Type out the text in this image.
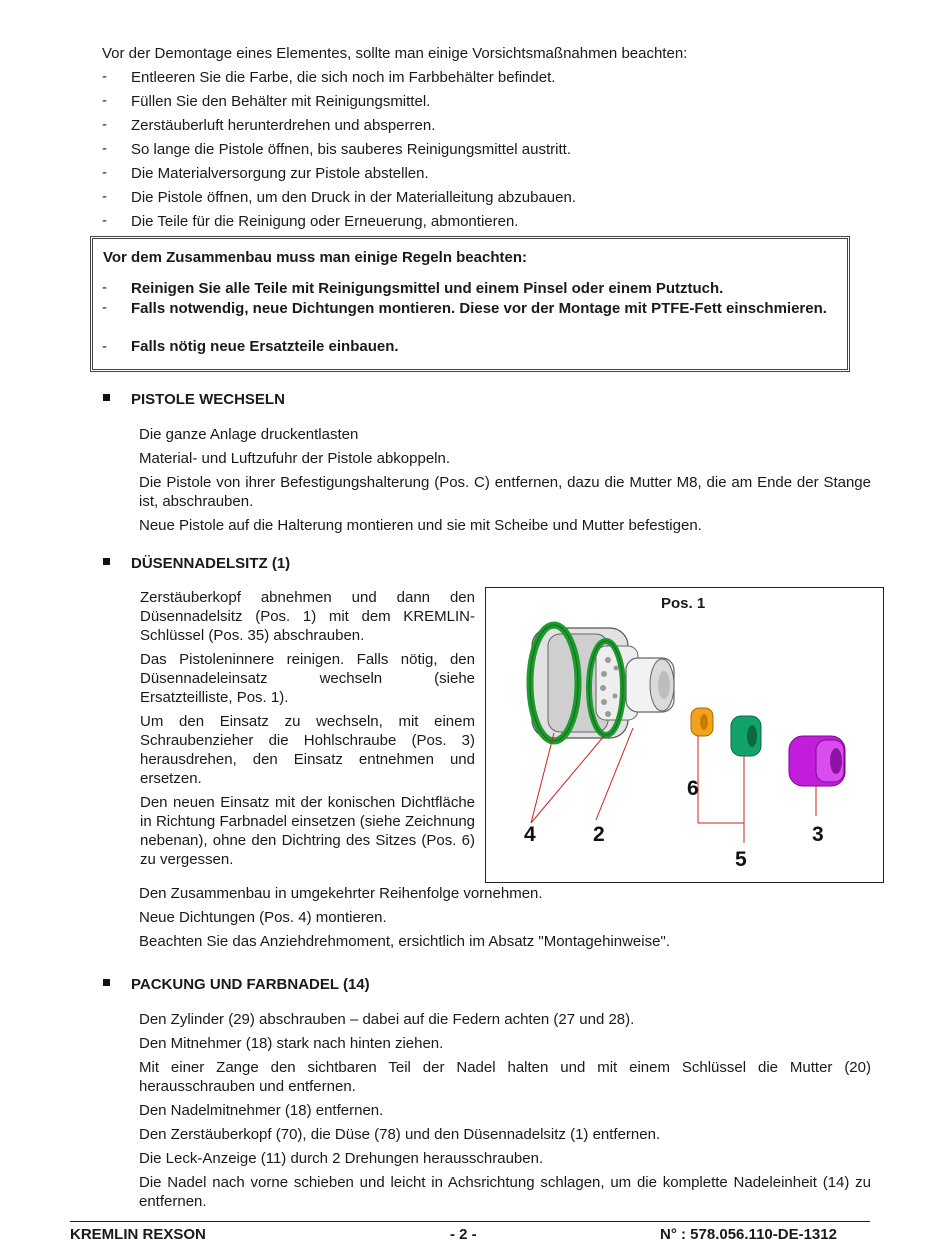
Vor der Demontage eines Elementes, sollte man einige Vorsichtsmaßnahmen beachten:
- Entleeren Sie die Farbe, die sich noch im Farbbehälter befindet.
- Füllen Sie den Behälter mit Reinigungsmittel.
- Zerstäuberluft herunterdrehen und absperren.
- So lange die Pistole öffnen, bis sauberes Reinigungsmittel austritt.
- Die Materialversorgung zur Pistole abstellen.
- Die Pistole öffnen, um den Druck in der Materialleitung abzubauen.
- Die Teile für die Reinigung oder Erneuerung, abmontieren.
Vor dem Zusammenbau muss man einige Regeln beachten:
- Reinigen Sie alle Teile mit Reinigungsmittel und einem Pinsel oder einem Putztuch.
- Falls notwendig, neue Dichtungen montieren. Diese vor der Montage mit PTFE-Fett einschmieren.
- Falls nötig neue Ersatzteile einbauen.
PISTOLE WECHSELN

Die ganze Anlage druckentlasten

Material- und Luftzufuhr der Pistole abkoppeln.

Die Pistole von ihrer Befestigungshalterung (Pos. C) entfernen, dazu die Mutter M8, die am Ende der Stange ist, abschrauben.

Neue Pistole auf die Halterung montieren und sie mit Scheibe und Mutter befestigen.

DÜSENNADELSITZ (1)

Zerstäuberkopf abnehmen und dann den Düsennadelsitz (Pos. 1) mit dem KREMLIN-Schlüssel (Pos. 35) abschrauben.

Das Pistoleninnere reinigen. Falls nötig, den Düsennadeleinsatz wechseln (siehe Ersatzteilliste, Pos. 1).

Um den Einsatz zu wechseln, mit einem Schraubenzieher die Hohlschraube (Pos. 3) herausdrehen, den Einsatz entnehmen und ersetzen.

Den neuen Einsatz mit der konischen Dichtfläche in Richtung Farbnadel einsetzen (siehe Zeichnung nebenan), ohne den Dichtring des Sitzes (Pos. 6) zu vergessen.

Pos. 1
4	2
6
5
3

Den Zusammenbau in umgekehrter Reihenfolge vornehmen.

Neue Dichtungen (Pos. 4) montieren.

Beachten Sie das Anziehdrehmoment, ersichtlich im Absatz "Montagehinweise".

PACKUNG UND FARBNADEL (14)

Den Zylinder (29) abschrauben – dabei auf die Federn achten (27 und 28).

Den Mitnehmer (18) stark nach hinten ziehen.

Mit einer Zange den sichtbaren Teil der Nadel halten und mit einem Schlüssel die Mutter (20) herausschrauben und entfernen.

Den Nadelmitnehmer (18) entfernen.

Den Zerstäuberkopf (70), die Düse (78) und den Düsennadelsitz (1) entfernen.

Die Leck-Anzeige (11) durch 2 Drehungen herausschrauben.

Die Nadel nach vorne schieben und leicht in Achsrichtung schlagen, um die komplette Nadeleinheit (14) zu entfernen.

KREMLIN REXSON	- 2 -	N° : 578.056.110-DE-1312
